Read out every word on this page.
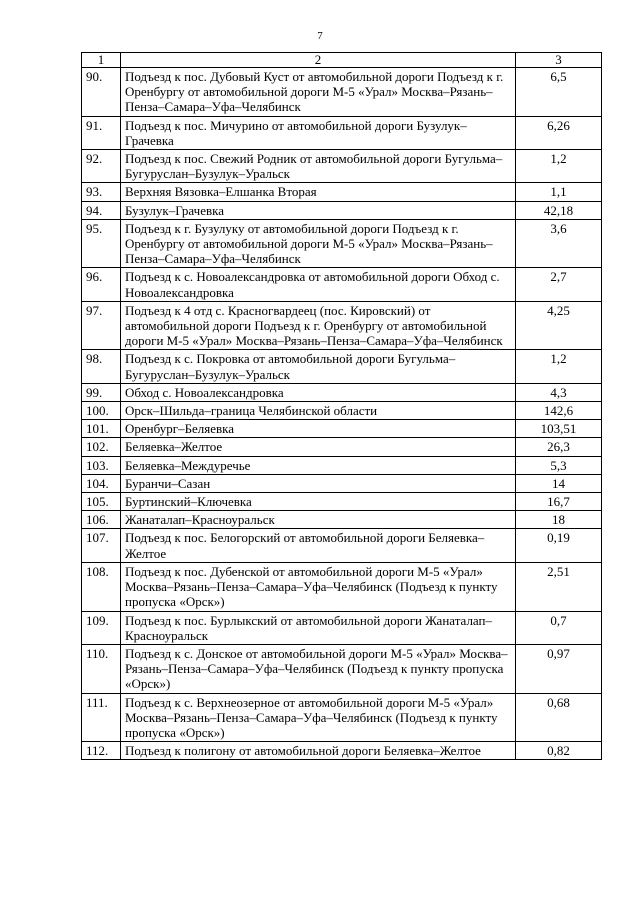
7
1	2	3
90.	Подъезд к пос. Дубовый Куст от автомобильной дороги Подъезд к г. Оренбургу от автомобильной дороги М-5 «Урал» Москва–Рязань–Пенза–Самара–Уфа–Челябинск	6,5
91.	Подъезд к пос. Мичурино от автомобильной дороги Бузулук–Грачевка	6,26
92.	Подъезд к пос. Свежий Родник от автомобильной дороги Бугульма–Бугуруслан–Бузулук–Уральск	1,2
93.	Верхняя Вязовка–Елшанка Вторая	1,1
94.	Бузулук–Грачевка	42,18
95.	Подъезд к г. Бузулуку от автомобильной дороги Подъезд к г. Оренбургу от автомобильной дороги М-5 «Урал» Москва–Рязань–Пенза–Самара–Уфа–Челябинск	3,6
96.	Подъезд к с. Новоалександровка от автомобильной дороги Обход с. Новоалександровка	2,7
97.	Подъезд к 4 отд с. Красногвардеец (пос. Кировский) от автомобильной дороги Подъезд к г. Оренбургу от автомобильной дороги М-5 «Урал» Москва–Рязань–Пенза–Самара–Уфа–Челябинск	4,25
98.	Подъезд к с. Покровка от автомобильной дороги Бугульма–Бугуруслан–Бузулук–Уральск	1,2
99.	Обход с. Новоалександровка	4,3
100.	Орск–Шильда–граница Челябинской области	142,6
101.	Оренбург–Беляевка	103,51
102.	Беляевка–Желтое	26,3
103.	Беляевка–Междуречье	5,3
104.	Буранчи–Сазан	14
105.	Буртинский–Ключевка	16,7
106.	Жанаталап–Красноуральск	18
107.	Подъезд к пос. Белогорский от автомобильной дороги Беляевка–Желтое	0,19
108.	Подъезд к пос. Дубенской от автомобильной дороги М-5 «Урал» Москва–Рязань–Пенза–Самара–Уфа–Челябинск (Подъезд к пункту пропуска «Орск»)	2,51
109.	Подъезд к пос. Бурлыкский от автомобильной дороги Жанаталап–Красноуральск	0,7
110.	Подъезд к с. Донское от автомобильной дороги М-5 «Урал» Москва–Рязань–Пенза–Самара–Уфа–Челябинск (Подъезд к пункту пропуска «Орск»)	0,97
111.	Подъезд к с. Верхнеозерное от автомобильной дороги М-5 «Урал» Москва–Рязань–Пенза–Самара–Уфа–Челябинск (Подъезд к пункту пропуска «Орск»)	0,68
112.	Подъезд к полигону от автомобильной дороги Беляевка–Желтое	0,82
